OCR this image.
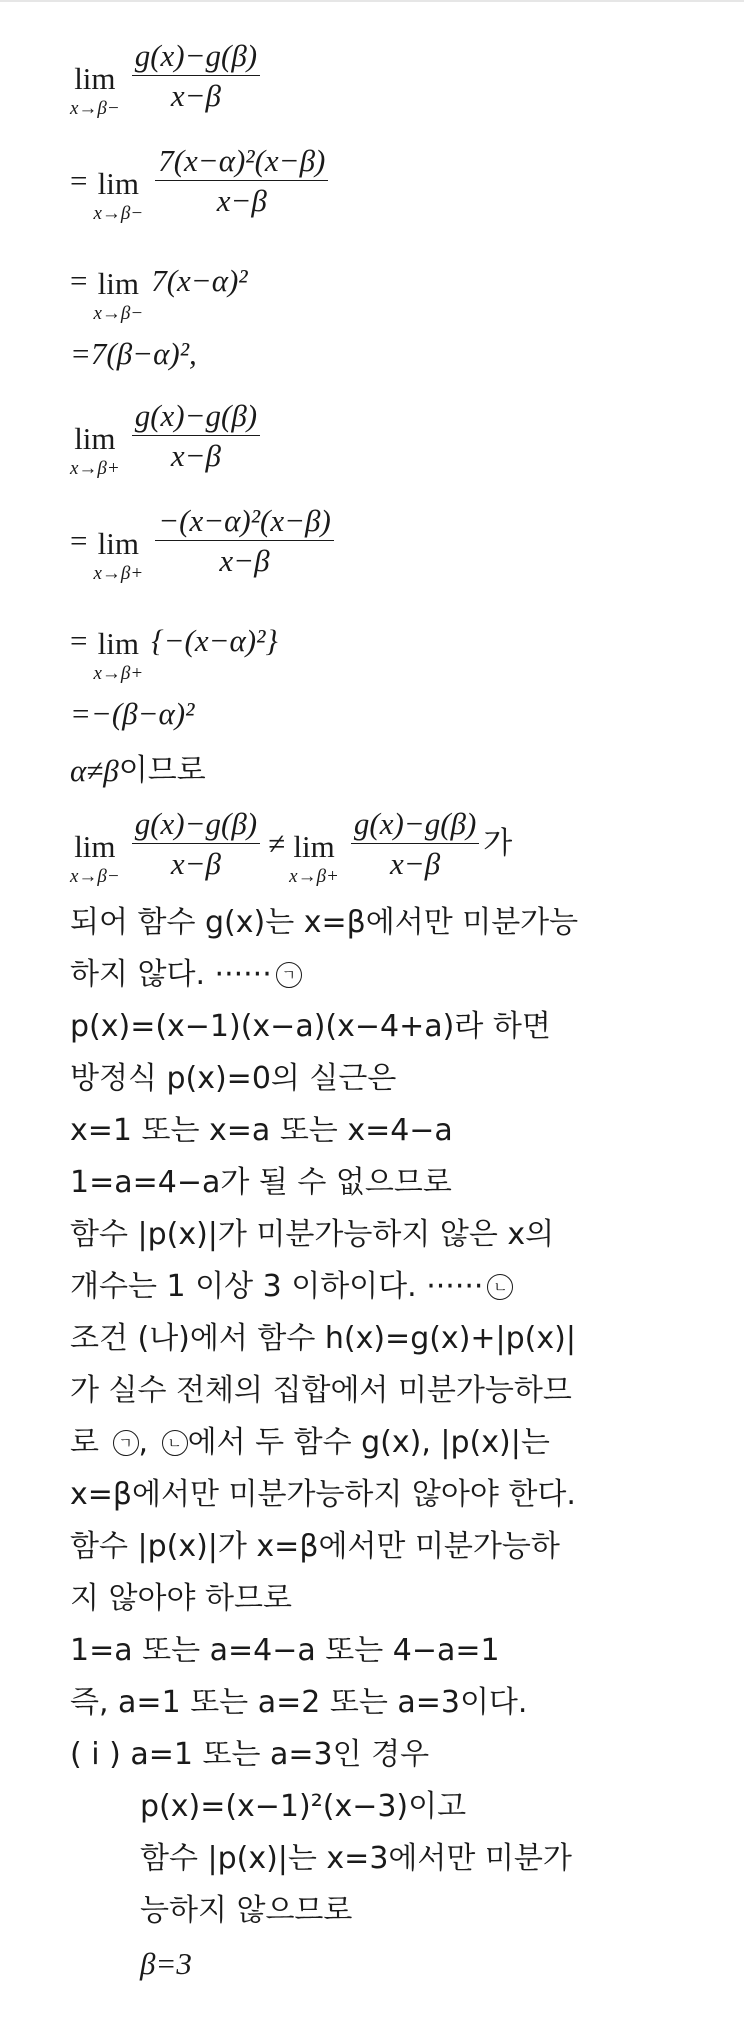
lim
$x\to\beta- \frac{g(x)-g(\beta)}{x-\beta}$
= lim
$x\to\beta- \frac{\text{7(x−α)²(x−β)}}{x-\beta}$
= lim
x→β−
7(x−α)²
=7(β−α)²,
lim
$x\to\beta+ \frac{g(x)-g(\beta)}{x-\beta}$
= lim
$x\to\beta+ \frac{\text{−(x−α)²(x−β)}}{x-\beta}$
= lim
x→β+
{−(x−α)²}
=−(β−α)²
α≠β 이므로
lim
$x\to\beta- \frac{g(x)-g(\beta)}{x-\beta} \ne \lim$
$x\to\beta+ \frac{g(x)-g(\beta)}{x-\beta}$ 가
되어 함수 g(x)는 x=β에서만 미분가능
하지 않다. ······ ㄱ
p(x)=(x−1)(x−a)(x−4+a)라 하면
방정식 p(x)=0의 실근은
x=1 또는 x=a 또는 x=4−a
1=a=4−a가 될 수 없으므로
함수 |p(x)|가 미분가능하지 않은 x의
개수는 1 이상 3 이하이다. ······ ㄴ
조건 (나)에서 함수 h(x)=g(x)+|p(x)|
가 실수 전체의 집합에서 미분가능하므
로 ㄱ , ㄴ 에서 두 함수 g(x), |p(x)|는
x=β에서만 미분가능하지 않아야 한다.
함수 |p(x)|가 x=β에서만 미분가능하
지 않아야 하므로
1=a 또는 a=4−a 또는 4−a=1
즉, a=1 또는 a=2 또는 a=3이다.
( i ) a=1 또는 a=3인 경우
p(x)=(x−1)²(x−3)이고
함수 |p(x)|는 x=3에서만 미분가
능하지 않으므로
β=3
